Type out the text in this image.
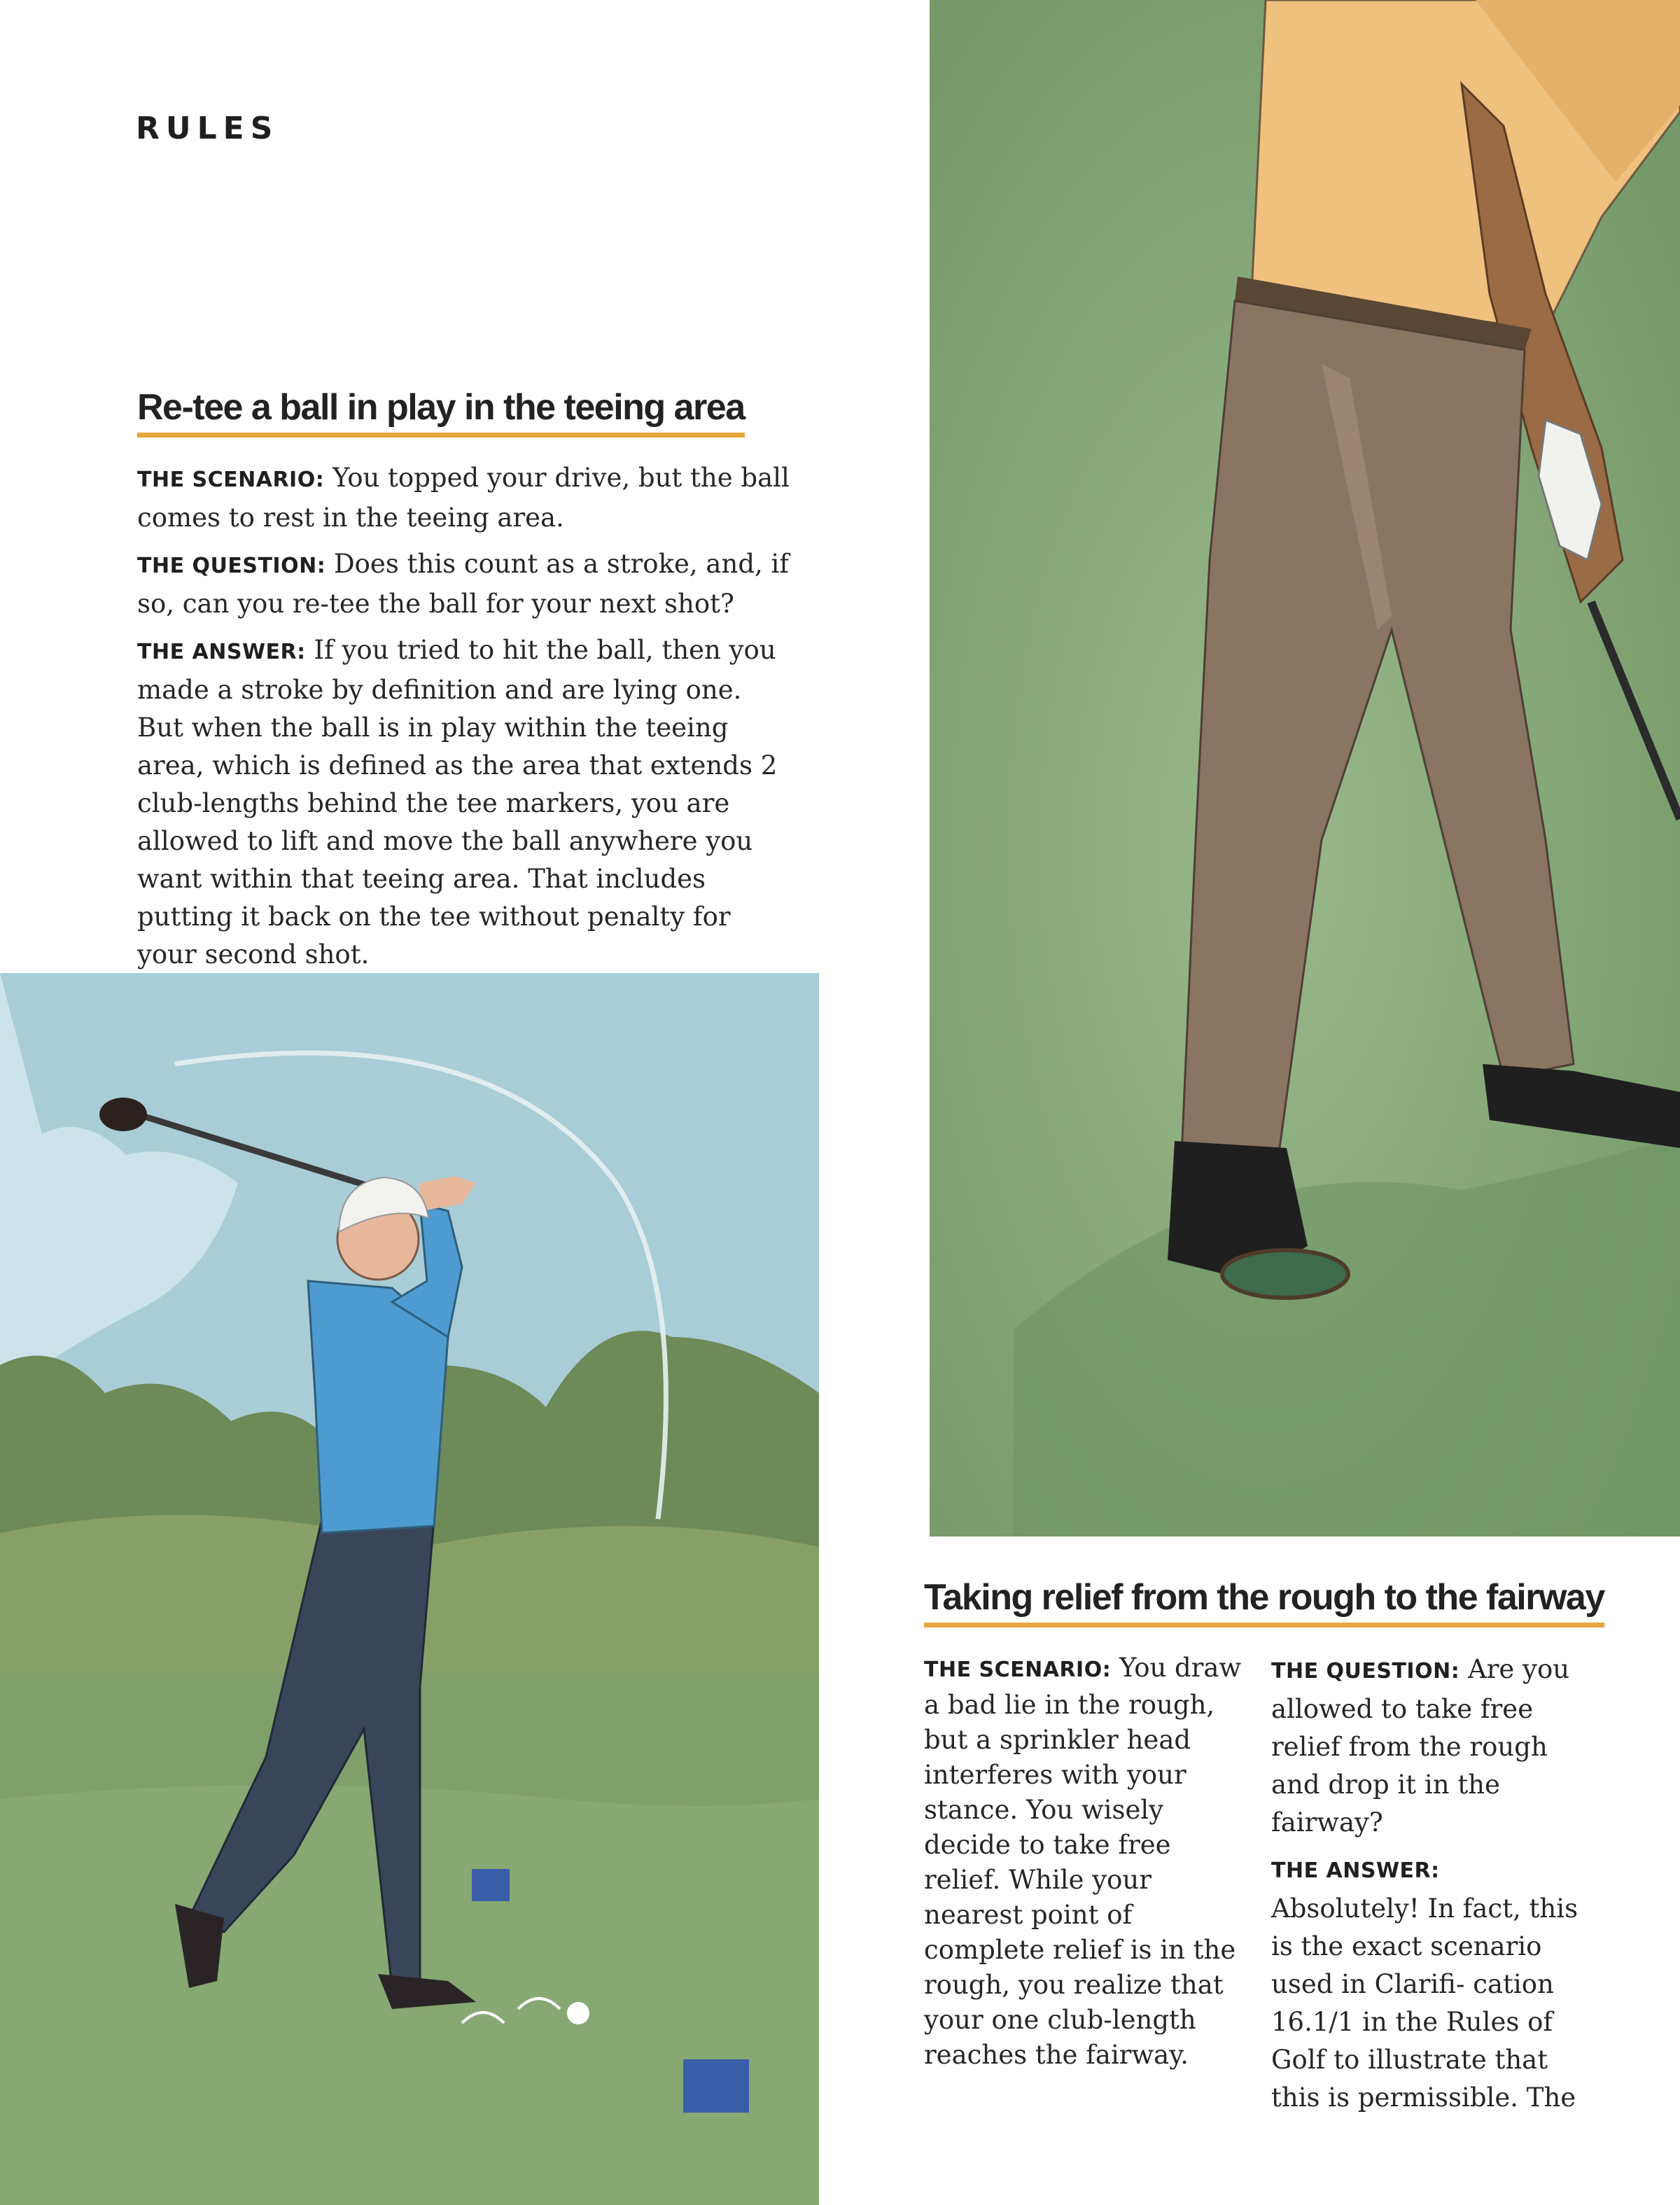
RULES
Re-tee a ball in play in the teeing area

THE SCENARIO: You topped your drive, but the ball comes to rest in the teeing area.

THE QUESTION: Does this count as a stroke, and, if so, can you re-tee the ball for your next shot?

THE ANSWER: If you tried to hit the ball, then you made a stroke by definition and are lying one. But when the ball is in play within the teeing area, which is defined as the area that extends 2 club-lengths behind the tee markers, you are allowed to lift and move the ball anywhere you want within that teeing area. That includes putting it back on the tee without penalty for your second shot.

Taking relief from the rough to the fairway

THE SCENARIO: You draw a bad lie in the rough, but a sprinkler head interferes with your stance. You wisely decide to take free relief. While your nearest point of complete relief is in the rough, you realize that your one club-length reaches the fairway.

THE QUESTION: Are you allowed to take free relief from the rough and drop it in the fairway?

THE ANSWER: Absolutely! In fact, this is the exact scenario used in Clarifi- cation 16.1/1 in the Rules of Golf to illustrate that this is permissible. The
